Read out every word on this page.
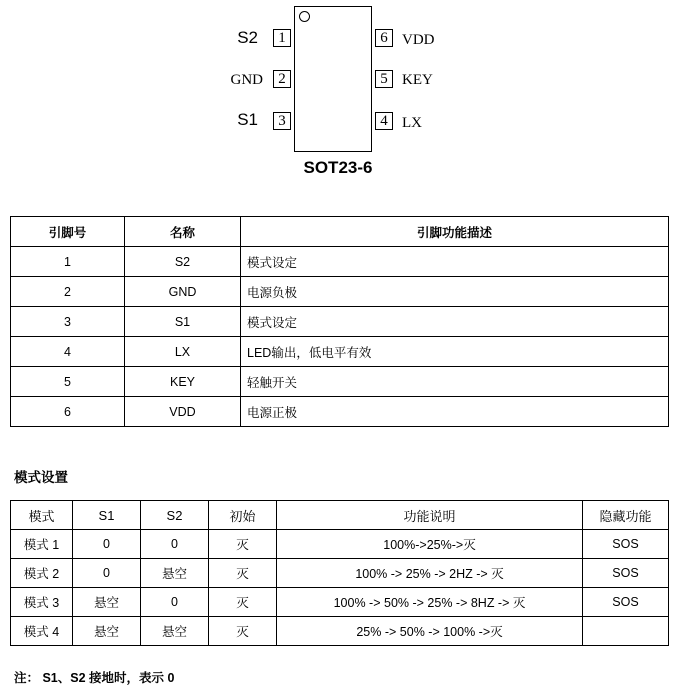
S2	1
GND	2
S1	3
6 VDD
5 KEY
4 LX
SOT23-6
引脚号	名称	引脚功能描述
1	S2	模式设定
2	GND	电源负极
3	S1	模式设定
4	LX	LED输出，低电平有效
5	KEY	轻触开关
6	VDD	电源正极
模式设置
模式	S1	S2	初始	功能说明	隐藏功能
模式 1	0	0	灭	100%->25%->灭	SOS
模式 2	0	悬空	灭	100% -> 25% -> 2HZ -> 灭	SOS
模式 3	悬空	0	灭	100% -> 50% -> 25% -> 8HZ -> 灭	SOS
模式 4	悬空	悬空	灭	25% -> 50% -> 100% ->灭	
注： S1、S2 接地时，表示 0
